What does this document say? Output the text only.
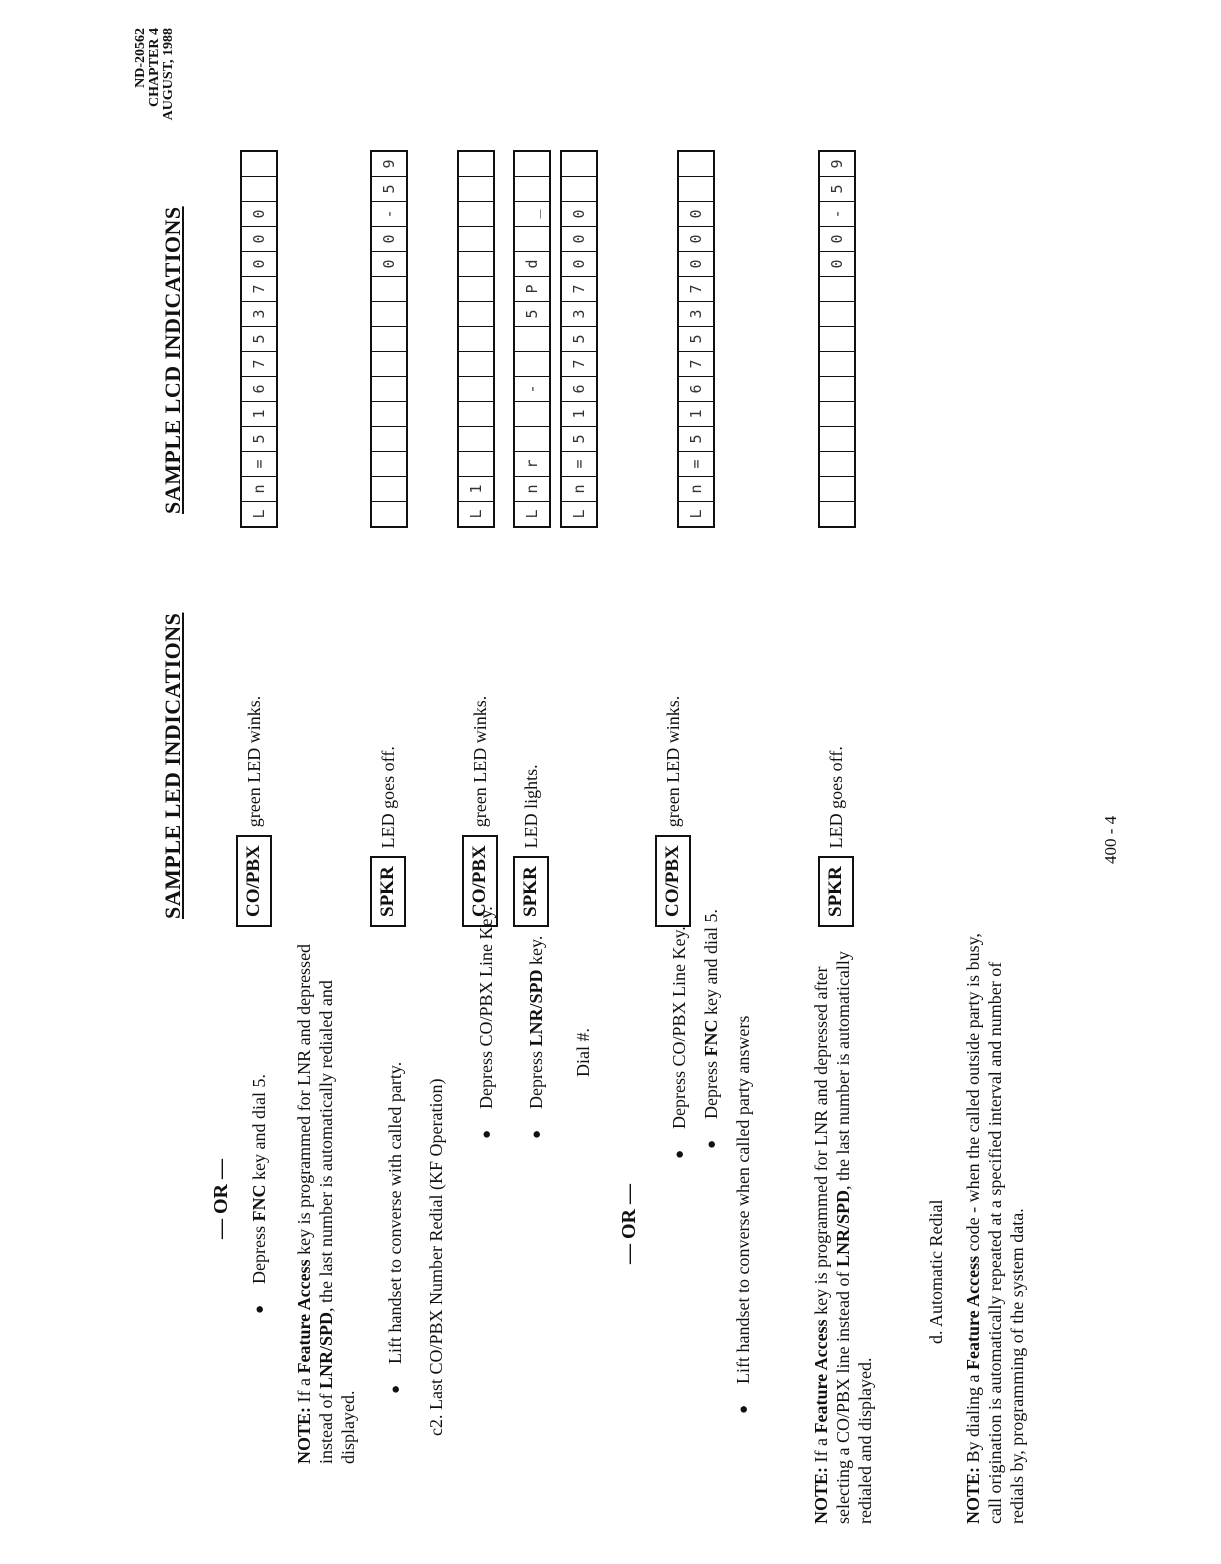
ND-20562 CHAPTER 4 AUGUST, 1988
SAMPLE LED INDICATIONS
SAMPLE LCD INDICATIONS
400 - 4
— OR —
● Depress FNC key and dial 5.
NOTE: If a Feature Access key is programmed for LNR and depressed instead of LNR/SPD, the last number is automatically redialed and displayed.
● Lift handset to converse with called party. c2. Last CO/PBX Number Redial (KF Operation)
● Depress CO/PBX Line Key. ● Depress LNR/SPD key.
Dial #.
— OR —
● Depress CO/PBX Line Key. ● Depress FNC key and dial 5.
● Lift handset to converse when called party answers
NOTE: If a Feature Access key is programmed for LNR and depressed after selecting a CO/PBX line instead of LNR/SPD, the last number is automatically redialed and displayed.
d. Automatic Redial
NOTE: By dialing a Feature Access code - when the called outside party is busy, call origination is automatically repeated at a specified interval and number of redials by, programming of the system data.
CO/PBXgreen LED winks.
SPKRLED goes off.
CO/PBXgreen LED winks.
SPKRLED lights.
CO/PBXgreen LED winks.
SPKRLED goes off.
L
n
=
5
1
6
7
5
3
7
0
0
0
0
0
-
5
9
L
1
L
n
r
-
5
P
d
_
L
n
=
5
1
6
7
5
3
7
0
0
0
L
n
=
5
1
6
7
5
3
7
0
0
0
0
0
-
5
9
